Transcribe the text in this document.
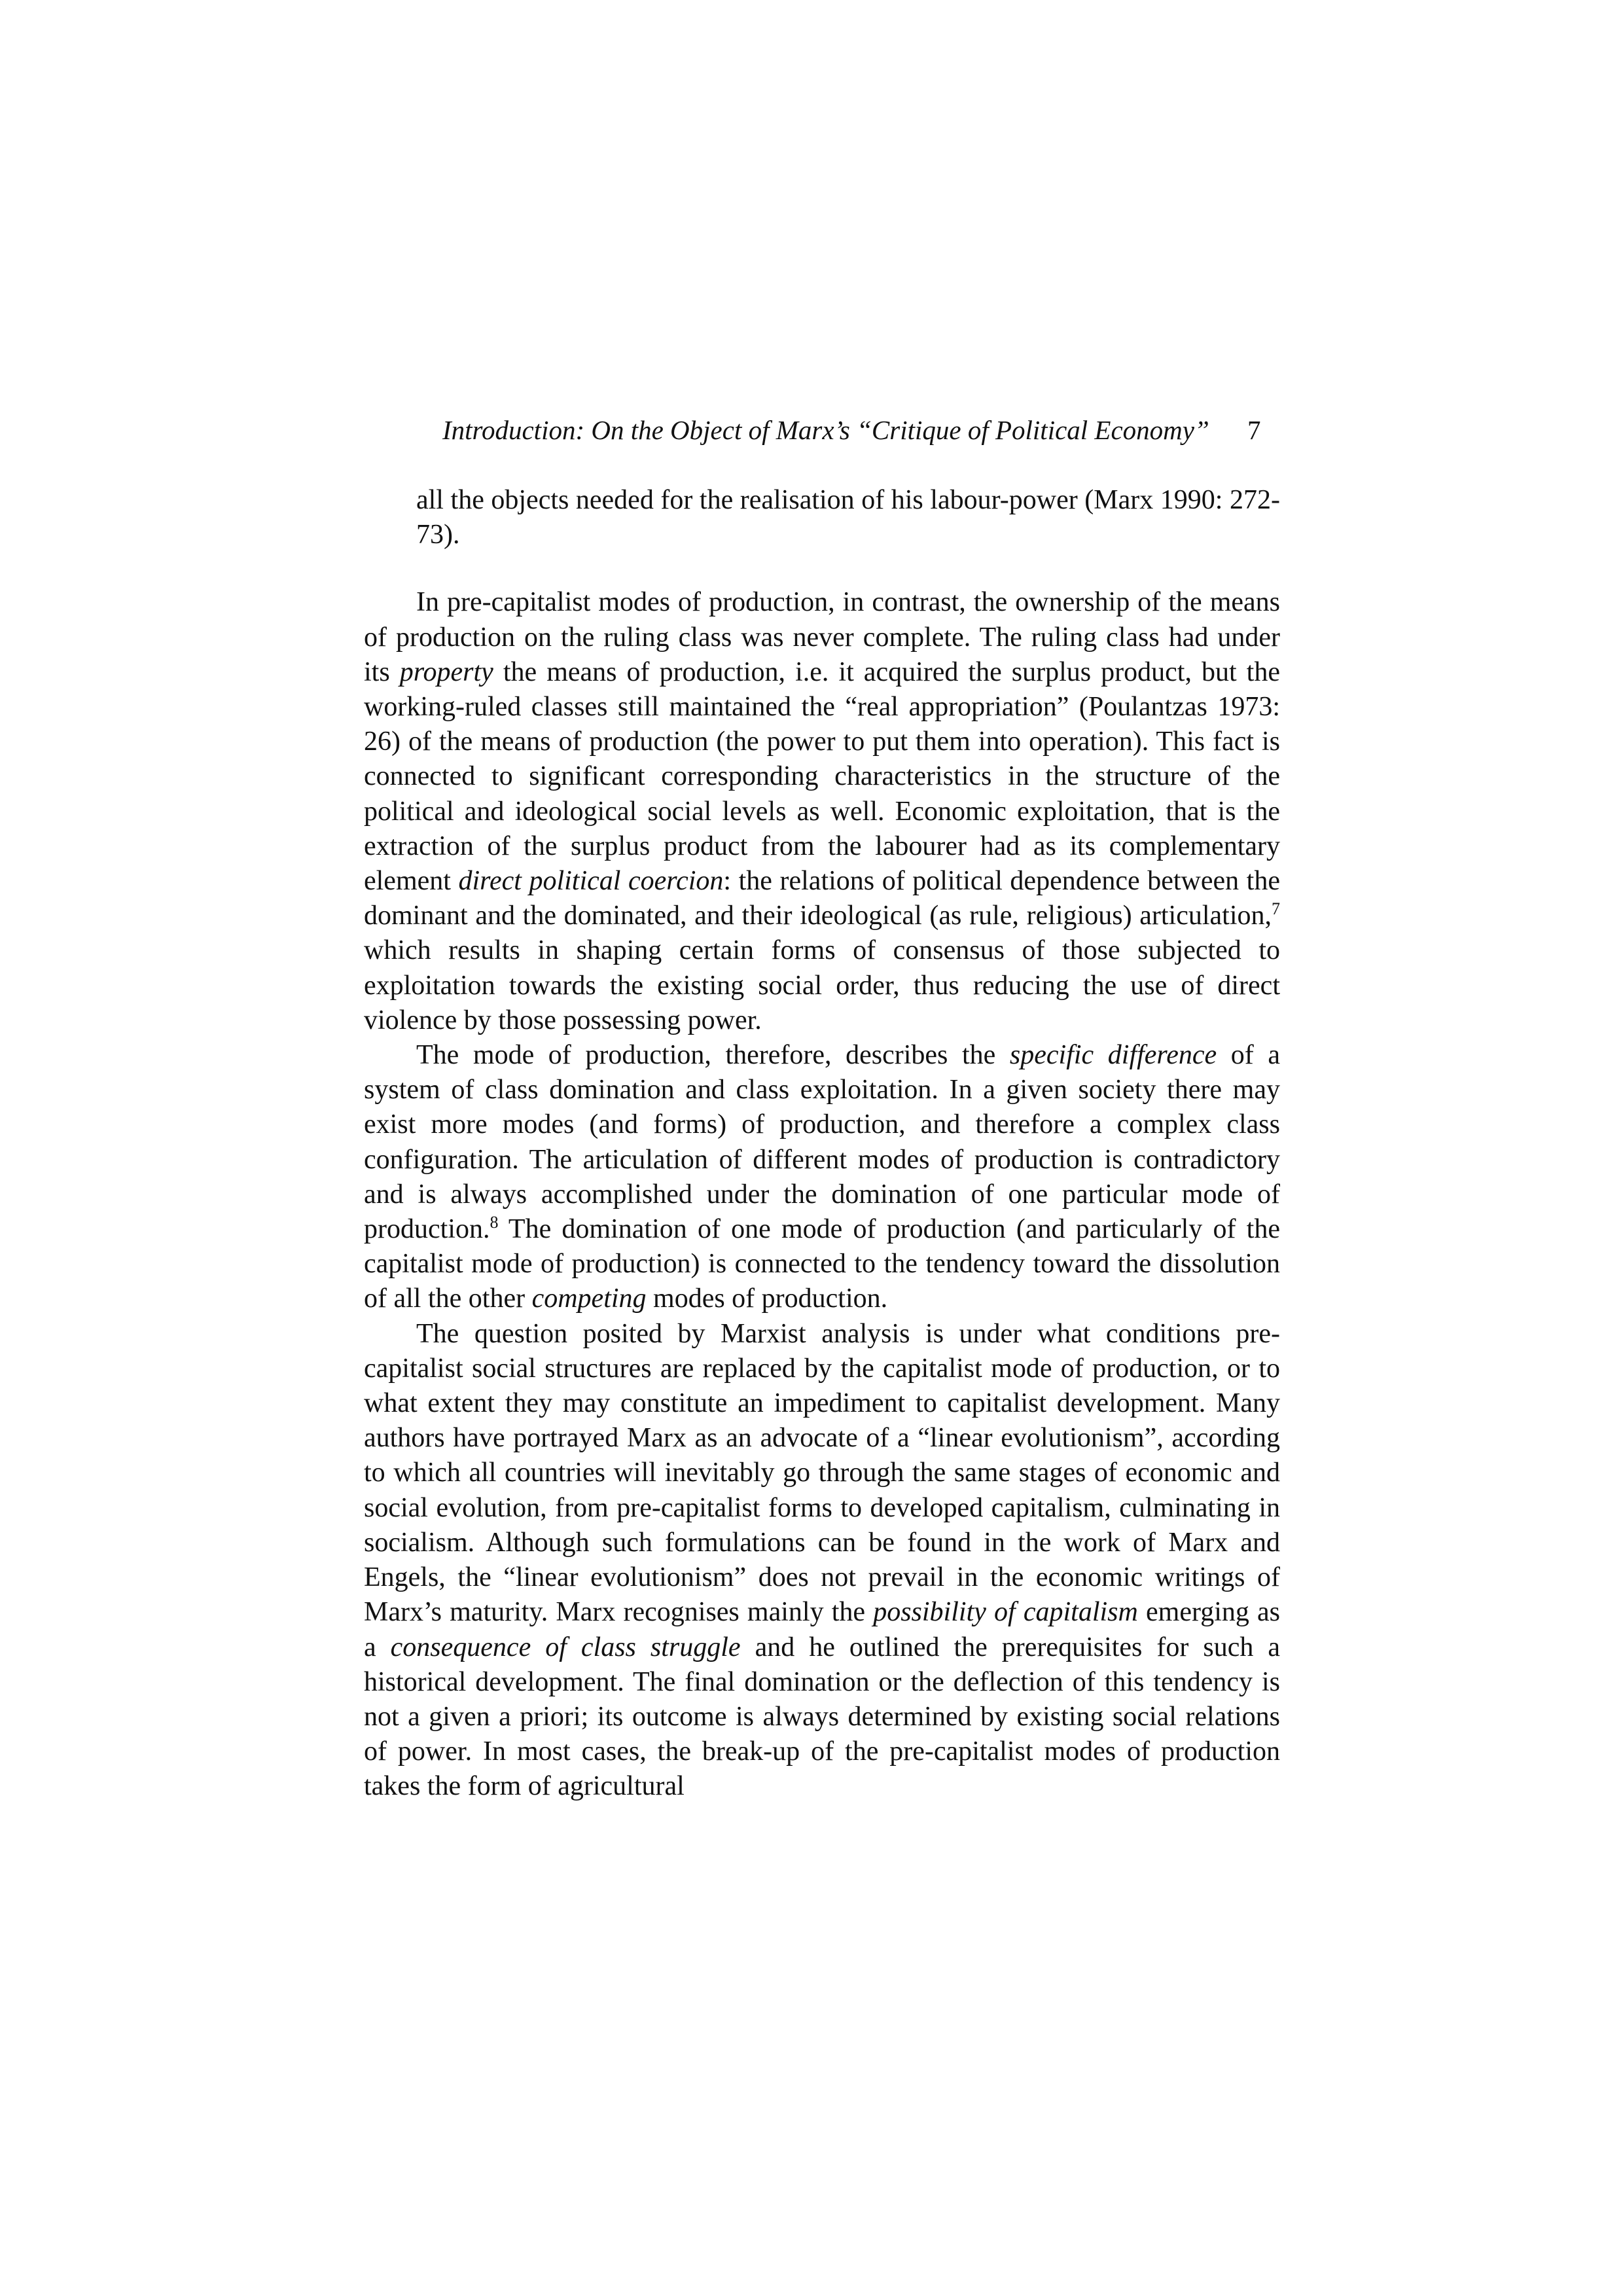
Introduction: On the Object of Marx’s “Critique of Political Economy”	7

all the objects needed for the realisation of his labour-power (Marx 1990: 272-73).

In pre-capitalist modes of production, in contrast, the ownership of the means of production on the ruling class was never complete. The ruling class had under its property the means of production, i.e. it acquired the surplus product, but the working-ruled classes still maintained the “real appropriation” (Poulantzas 1973: 26) of the means of production (the power to put them into operation). This fact is connected to significant corresponding characteristics in the structure of the political and ideological social levels as well. Economic exploitation, that is the extraction of the surplus product from the labourer had as its complementary element direct political coercion: the relations of political dependence between the dominant and the dominated, and their ideological (as rule, religious) articulation,$^7$ which results in shaping certain forms of consensus of those subjected to exploitation towards the existing social order, thus reducing the use of direct violence by those possessing power.

The mode of production, therefore, describes the specific difference of a system of class domination and class exploitation. In a given society there may exist more modes (and forms) of production, and therefore a complex class configuration. The articulation of different modes of production is contradictory and is always accomplished under the domination of one particular mode of production.$^8$ The domination of one mode of production (and particularly of the capitalist mode of production) is connected to the tendency toward the dissolution of all the other competing modes of production.

The question posited by Marxist analysis is under what conditions pre-capitalist social structures are replaced by the capitalist mode of production, or to what extent they may constitute an impediment to capitalist development. Many authors have portrayed Marx as an advocate of a “linear evolutionism”, according to which all countries will inevitably go through the same stages of economic and social evolution, from pre-capitalist forms to developed capitalism, culminating in socialism. Although such formulations can be found in the work of Marx and Engels, the “linear evolutionism” does not prevail in the economic writings of Marx’s maturity. Marx recognises mainly the possibility of capitalism emerging as a consequence of class struggle and he outlined the prerequisites for such a historical development. The final domination or the deflection of this tendency is not a given a priori; its outcome is always determined by existing social relations of power. In most cases, the break-up of the pre-capitalist modes of production takes the form of agricultural
